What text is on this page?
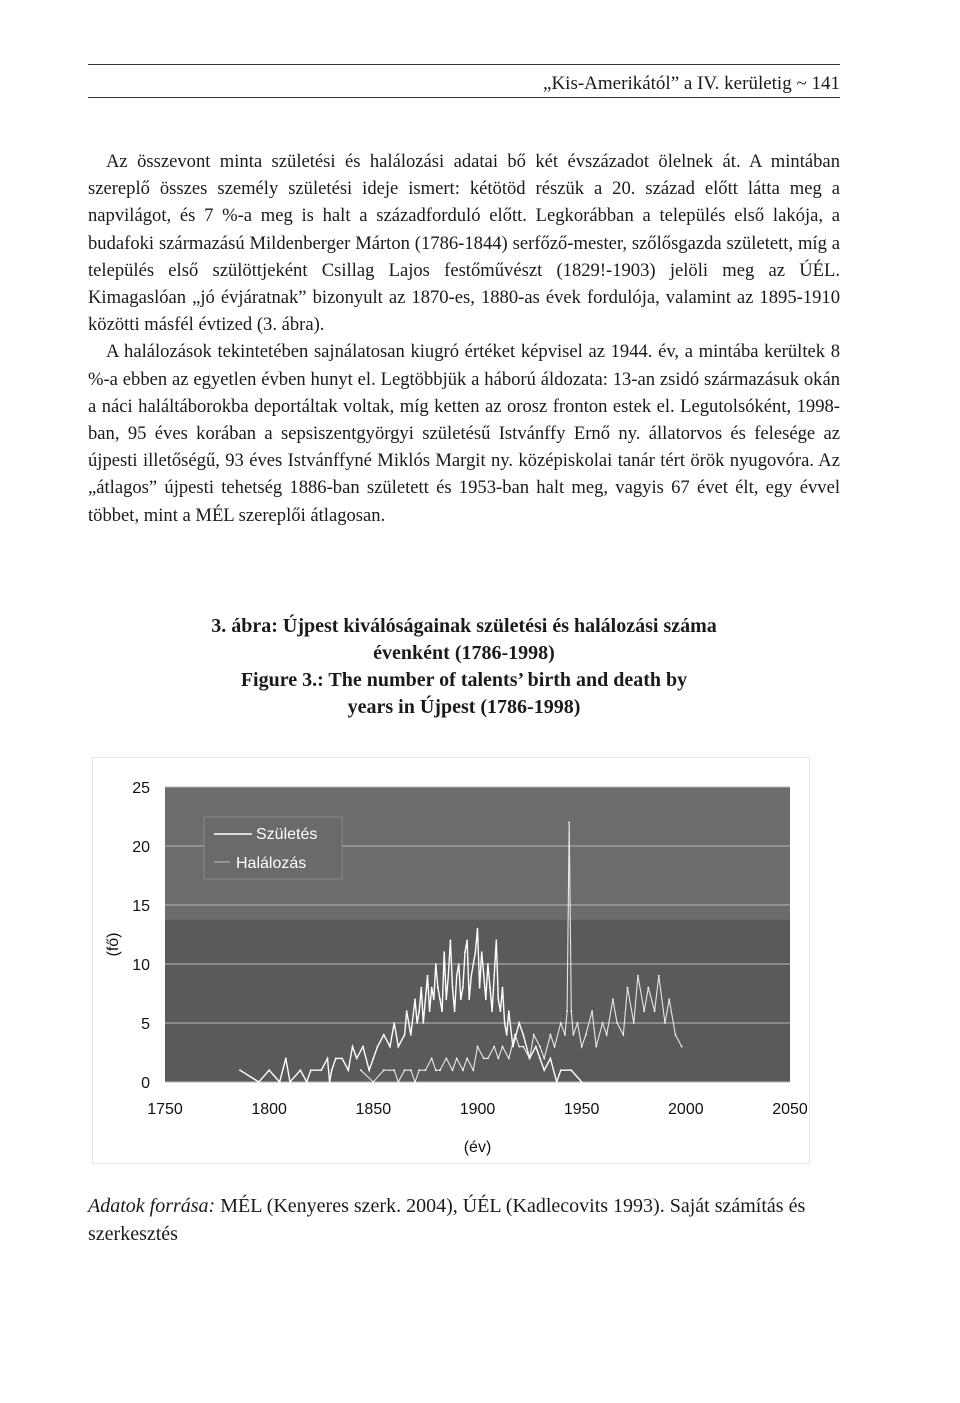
„Kis-Amerikától” a IV. kerületig ~ 141

Az összevont minta születési és halálozási adatai bő két évszázadot ölelnek át. A mintában szereplő összes személy születési ideje ismert: kétötöd részük a 20. század előtt látta meg a napvilágot, és 7 %-a meg is halt a századforduló előtt. Legkorábban a település első lakója, a budafoki származású Mildenberger Márton (1786-1844) serfőző-mester, szőlősgazda született, míg a település első szülöttjeként Csillag Lajos festőművészt (1829!-1903) jelöli meg az ÚÉL. Kimagaslóan „jó évjáratnak” bizonyult az 1870-es, 1880-as évek fordulója, valamint az 1895-1910 közötti másfél évtized (3. ábra).

A halálozások tekintetében sajnálatosan kiugró értéket képvisel az 1944. év, a mintába kerültek 8 %-a ebben az egyetlen évben hunyt el. Legtöbbjük a háború áldozata: 13-an zsidó származásuk okán a náci haláltáborokba deportáltak voltak, míg ketten az orosz fronton estek el. Legutolsóként, 1998-ban, 95 éves korában a sepsiszentgyörgyi születésű Istvánffy Ernő ny. állatorvos és felesége az újpesti illetőségű, 93 éves Istvánffyné Miklós Margit ny. középiskolai tanár tért örök nyugovóra. Az „átlagos” újpesti tehetség 1886-ban született és 1953-ban halt meg, vagyis 67 évet élt, egy évvel többet, mint a MÉL szereplői átlagosan.

3. ábra: Újpest kiválóságainak születési és halálozási száma
évenként (1786-1998)
Figure 3.: The number of talents’ birth and death by
years in Újpest (1786-1998)
0
5
10
15
20
25
1750	1800	1850	1900	1950	2000	2050
(fő)
(év)
Születés
Halálozás
Adatok forrása: MÉL (Kenyeres szerk. 2004), ÚÉL (Kadlecovits 1993). Saját számítás és szerkesztés
